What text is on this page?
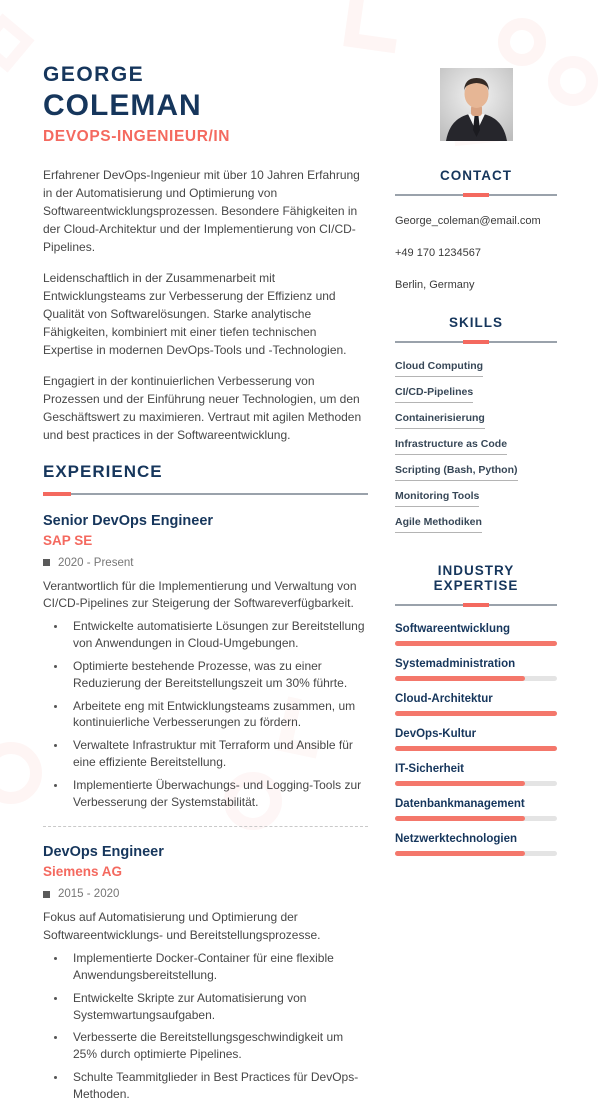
GEORGE
COLEMAN
DEVOPS-INGENIEUR/IN

Erfahrener DevOps-Ingenieur mit über 10 Jahren Erfahrung in der Automatisierung und Optimierung von Softwareentwicklungsprozessen. Besondere Fähigkeiten in der Cloud-Architektur und der Implementierung von CI/CD-Pipelines.

Leidenschaftlich in der Zusammenarbeit mit Entwicklungsteams zur Verbesserung der Effizienz und Qualität von Softwarelösungen. Starke analytische Fähigkeiten, kombiniert mit einer tiefen technischen Expertise in modernen DevOps-Tools und -Technologien.

Engagiert in der kontinuierlichen Verbesserung von Prozessen und der Einführung neuer Technologien, um den Geschäftswert zu maximieren. Vertraut mit agilen Methoden und best practices in der Softwareentwicklung.

EXPERIENCE
Senior DevOps Engineer
SAP SE
2020 - Present
Verantwortlich für die Implementierung und Verwaltung von CI/CD-Pipelines zur Steigerung der Softwareverfügbarkeit.
• Entwickelte automatisierte Lösungen zur Bereitstellung von Anwendungen in Cloud-Umgebungen.
• Optimierte bestehende Prozesse, was zu einer Reduzierung der Bereitstellungszeit um 30% führte.
• Arbeitete eng mit Entwicklungsteams zusammen, um kontinuierliche Verbesserungen zu fördern.
• Verwaltete Infrastruktur mit Terraform und Ansible für eine effiziente Bereitstellung.
• Implementierte Überwachungs- und Logging-Tools zur Verbesserung der Systemstabilität.
DevOps Engineer
Siemens AG
2015 - 2020
Fokus auf Automatisierung und Optimierung der Softwareentwicklungs- und Bereitstellungsprozesse.
• Implementierte Docker-Container für eine flexible Anwendungsbereitstellung.
• Entwickelte Skripte zur Automatisierung von Systemwartungsaufgaben.
• Verbesserte die Bereitstellungsgeschwindigkeit um 25% durch optimierte Pipelines.
• Schulte Teammitglieder in Best Practices für DevOps-Methoden.
CONTACT
George_coleman@email.com
+49 170 1234567
Berlin, Germany
SKILLS
Cloud Computing
CI/CD-Pipelines
Containerisierung
Infrastructure as Code
Scripting (Bash, Python)
Monitoring Tools
Agile Methodiken
INDUSTRY EXPERTISE
Softwareentwicklung
Systemadministration
Cloud-Architektur
DevOps-Kultur
IT-Sicherheit
Datenbankmanagement
Netzwerktechnologien
